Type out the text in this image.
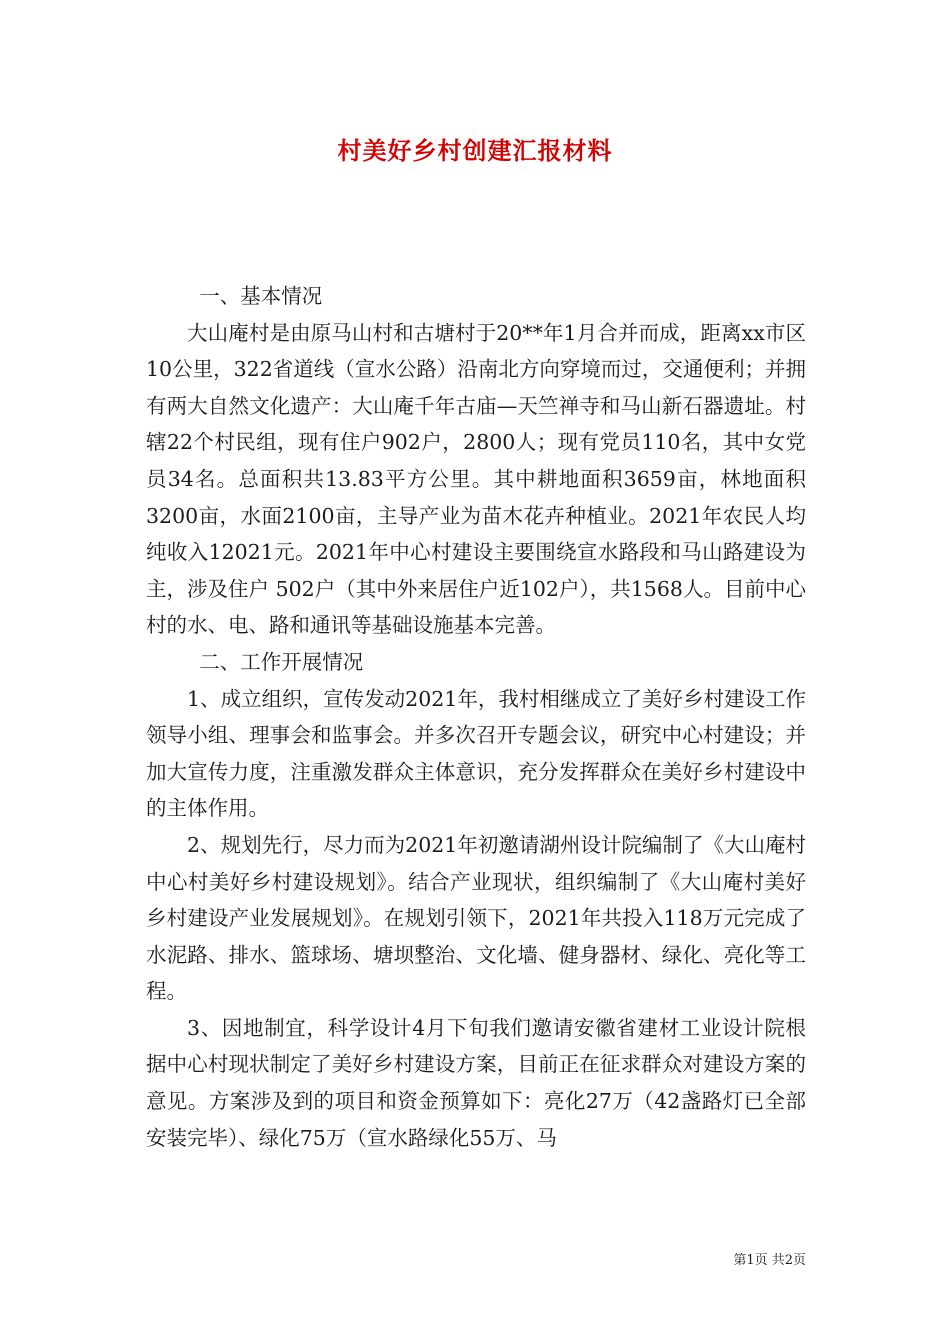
村美好乡村创建汇报材料

一、基本情况

大山庵村是由原马山村和古塘村于20**年1月合并而成，距离xx市区10公里，322省道线（宣水公路）沿南北方向穿境而过，交通便利；并拥有两大自然文化遗产：大山庵千年古庙—天竺禅寺和马山新石器遗址。村辖22个村民组，现有住户902户，2800人；现有党员110名，其中女党员34名。总面积共13.83平方公里。其中耕地面积3659亩，林地面积3200亩，水面2100亩，主导产业为苗木花卉种植业。2021年农民人均纯收入12021元。2021年中心村建设主要围绕宣水路段和马山路建设为主，涉及住户 502户（其中外来居住户近102户），共1568人。目前中心村的水、电、路和通讯等基础设施基本完善。

二、工作开展情况

1、成立组织，宣传发动2021年，我村相继成立了美好乡村建设工作领导小组、理事会和监事会。并多次召开专题会议，研究中心村建设；并加大宣传力度，注重激发群众主体意识，充分发挥群众在美好乡村建设中的主体作用。

2、规划先行，尽力而为2021年初邀请湖州设计院编制了《大山庵村中心村美好乡村建设规划》。结合产业现状，组织编制了《大山庵村美好乡村建设产业发展规划》。在规划引领下，2021年共投入118万元完成了水泥路、排水、篮球场、塘坝整治、文化墙、健身器材、绿化、亮化等工程。

3、因地制宜，科学设计4月下旬我们邀请安徽省建材工业设计院根据中心村现状制定了美好乡村建设方案，目前正在征求群众对建设方案的意见。方案涉及到的项目和资金预算如下：亮化27万（42盏路灯已全部安装完毕）、绿化75万（宣水路绿化55万、马

第1页 共2页
